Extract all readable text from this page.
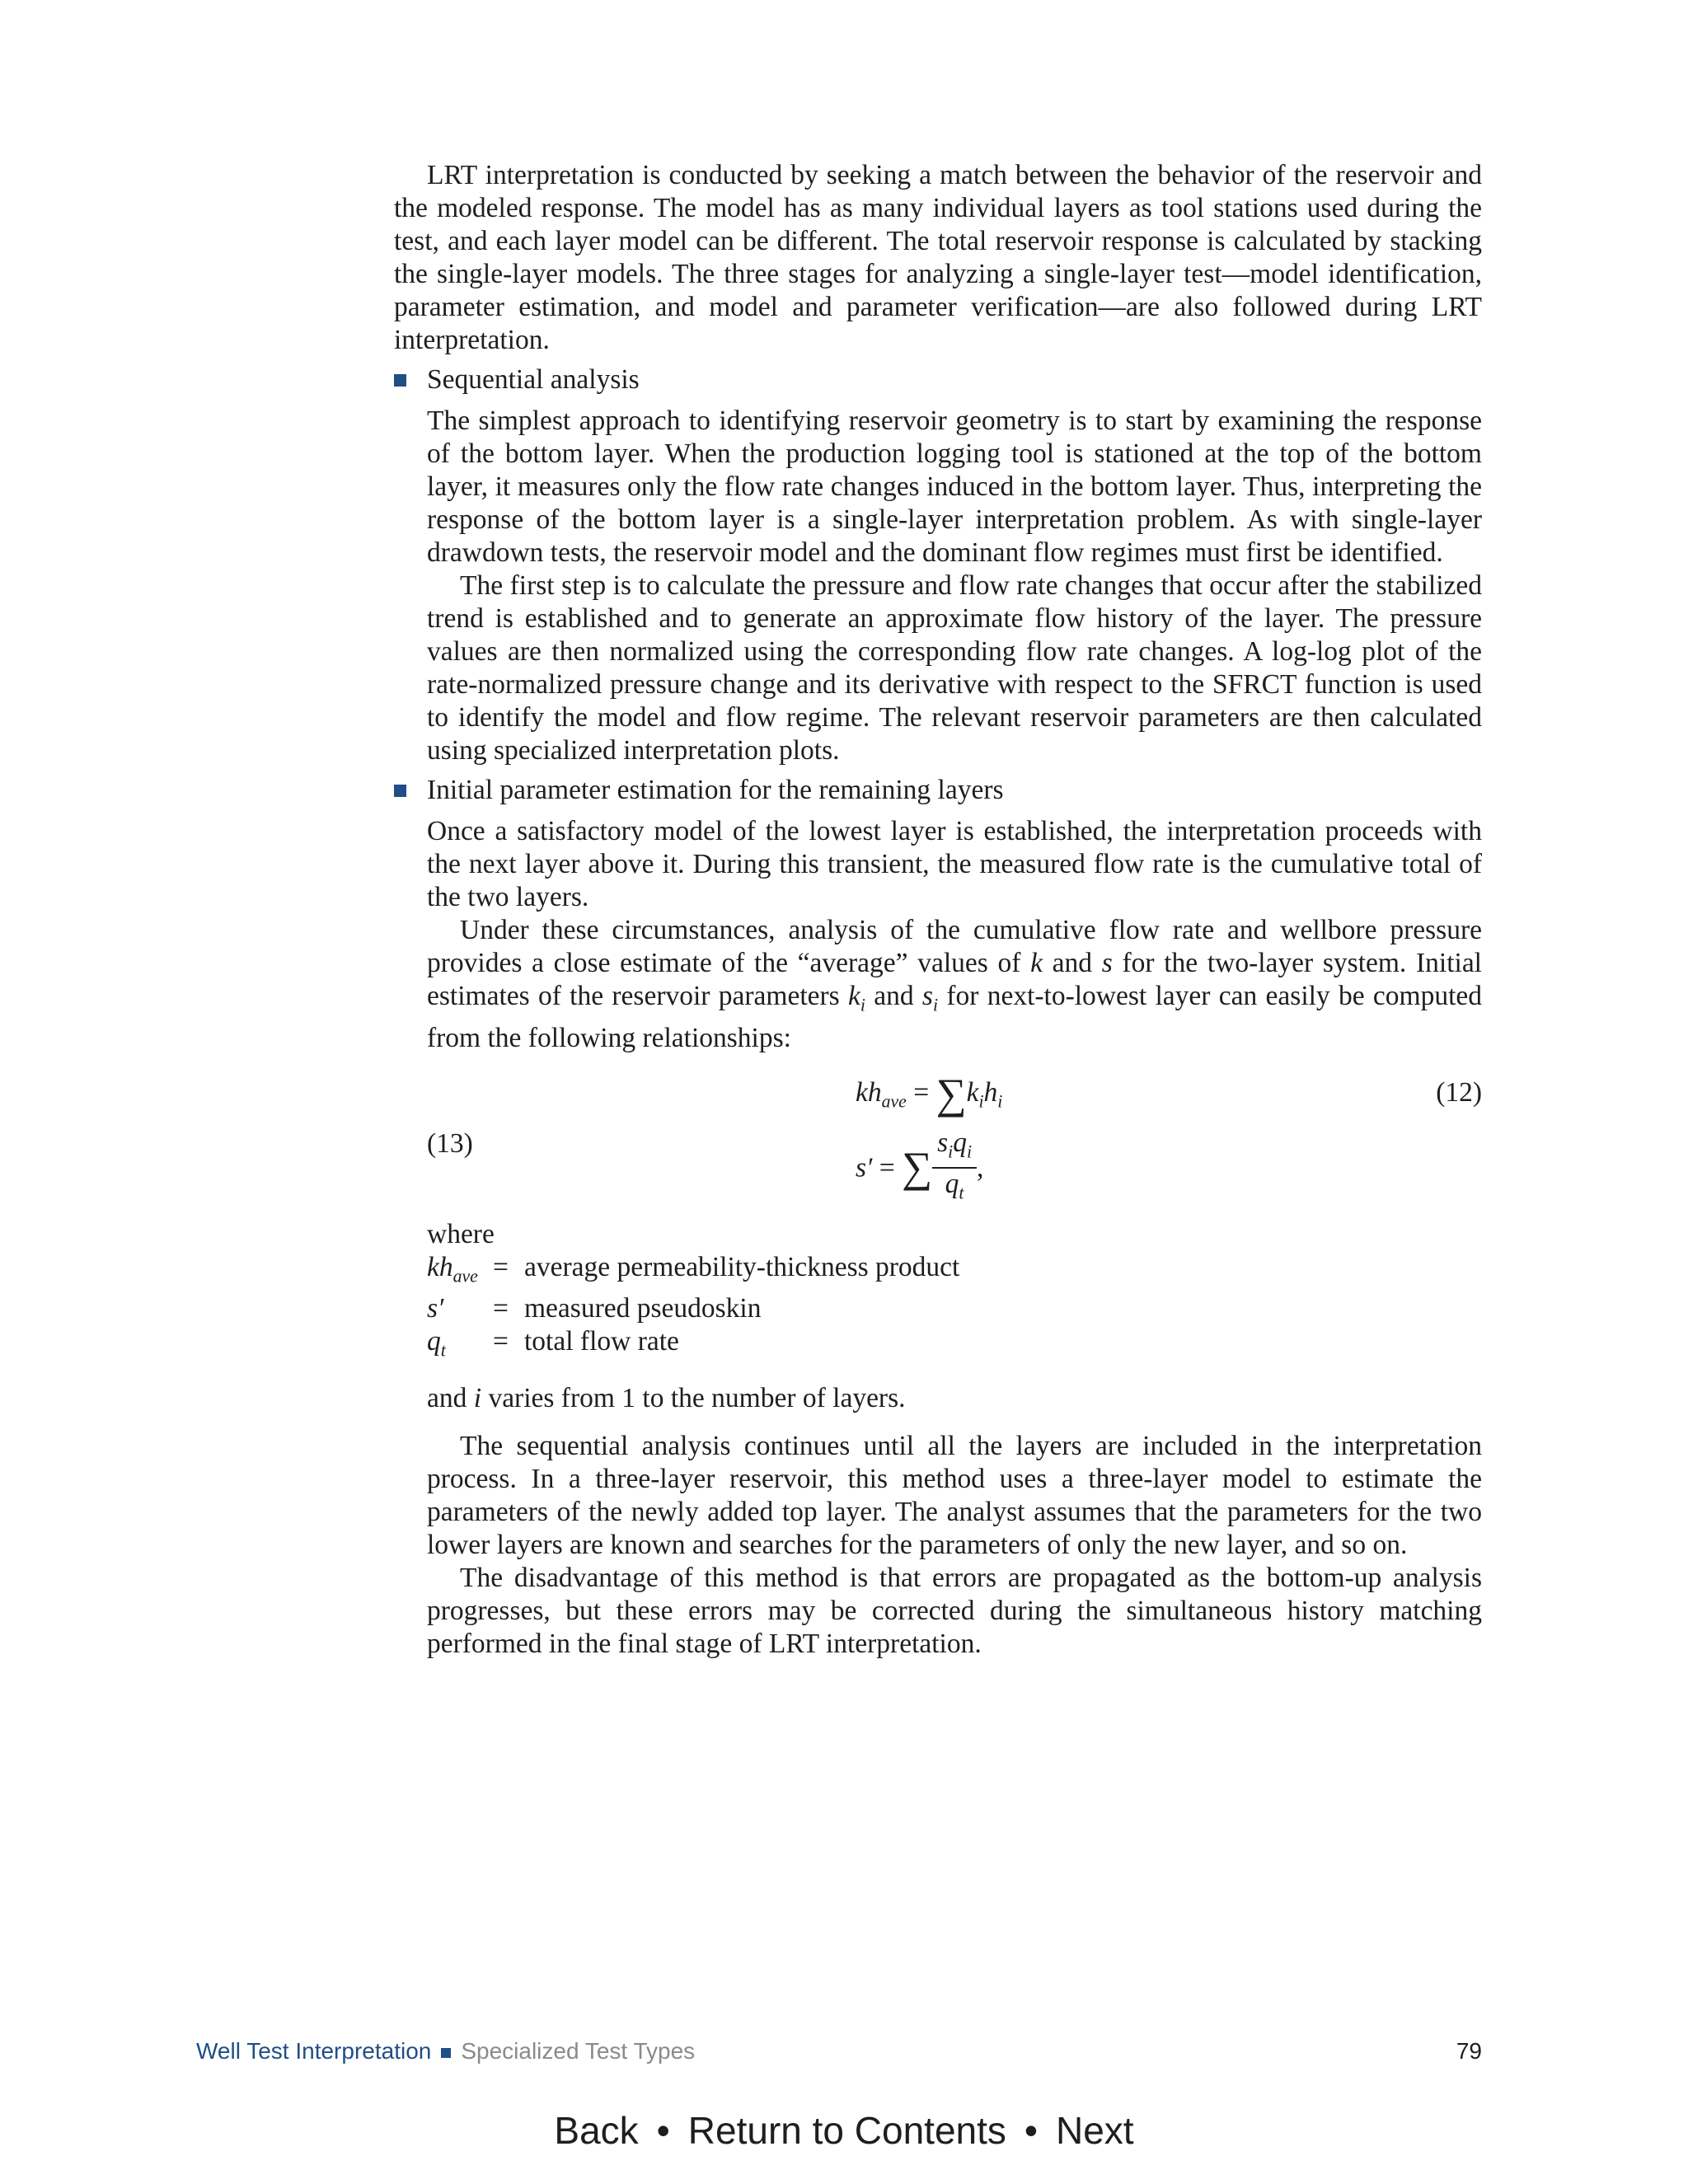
LRT interpretation is conducted by seeking a match between the behavior of the reservoir and the modeled response. The model has as many individual layers as tool stations used during the test, and each layer model can be different. The total reservoir response is calculated by stacking the single-layer models. The three stages for analyzing a single-layer test—model identification, parameter estimation, and model and parameter verification—are also followed during LRT interpretation.

Sequential analysis

The simplest approach to identifying reservoir geometry is to start by examining the response of the bottom layer. When the production logging tool is stationed at the top of the bottom layer, it measures only the flow rate changes induced in the bottom layer. Thus, interpreting the response of the bottom layer is a single-layer interpretation problem. As with single-layer drawdown tests, the reservoir model and the dominant flow regimes must first be identified.

The first step is to calculate the pressure and flow rate changes that occur after the stabilized trend is established and to generate an approximate flow history of the layer. The pressure values are then normalized using the corresponding flow rate changes. A log-log plot of the rate-normalized pressure change and its derivative with respect to the SFRCT function is used to identify the model and flow regime. The relevant reservoir parameters are then calculated using specialized interpretation plots.

Initial parameter estimation for the remaining layers

Once a satisfactory model of the lowest layer is established, the interpretation proceeds with the next layer above it. During this transient, the measured flow rate is the cumulative total of the two layers.

Under these circumstances, analysis of the cumulative flow rate and wellbore pressure provides a close estimate of the “average” values of k and s for the two-layer system. Initial estimates of the reservoir parameters $k_i$ and $s_i$ for next-to-lowest layer can easily be computed from the following relationships:

$kh_{ave} = \sum k_ih_i$	(12)
s′ = ∑ $\frac{s_iq_i}{q_t}$ ,
(13)

where

$kh_{ave}$ = average permeability-thickness product
s′	= measured pseudoskin
$q_t$	= total flow rate

and i varies from 1 to the number of layers.

The sequential analysis continues until all the layers are included in the interpretation process. In a three-layer reservoir, this method uses a three-layer model to estimate the parameters of the newly added top layer. The analyst assumes that the parameters for the two lower layers are known and searches for the parameters of only the new layer, and so on.

The disadvantage of this method is that errors are propagated as the bottom-up analysis progresses, but these errors may be corrected during the simultaneous history matching performed in the final stage of LRT interpretation.

Well Test Interpretation Specialized Test Types	79
Back • Return to Contents • Next
